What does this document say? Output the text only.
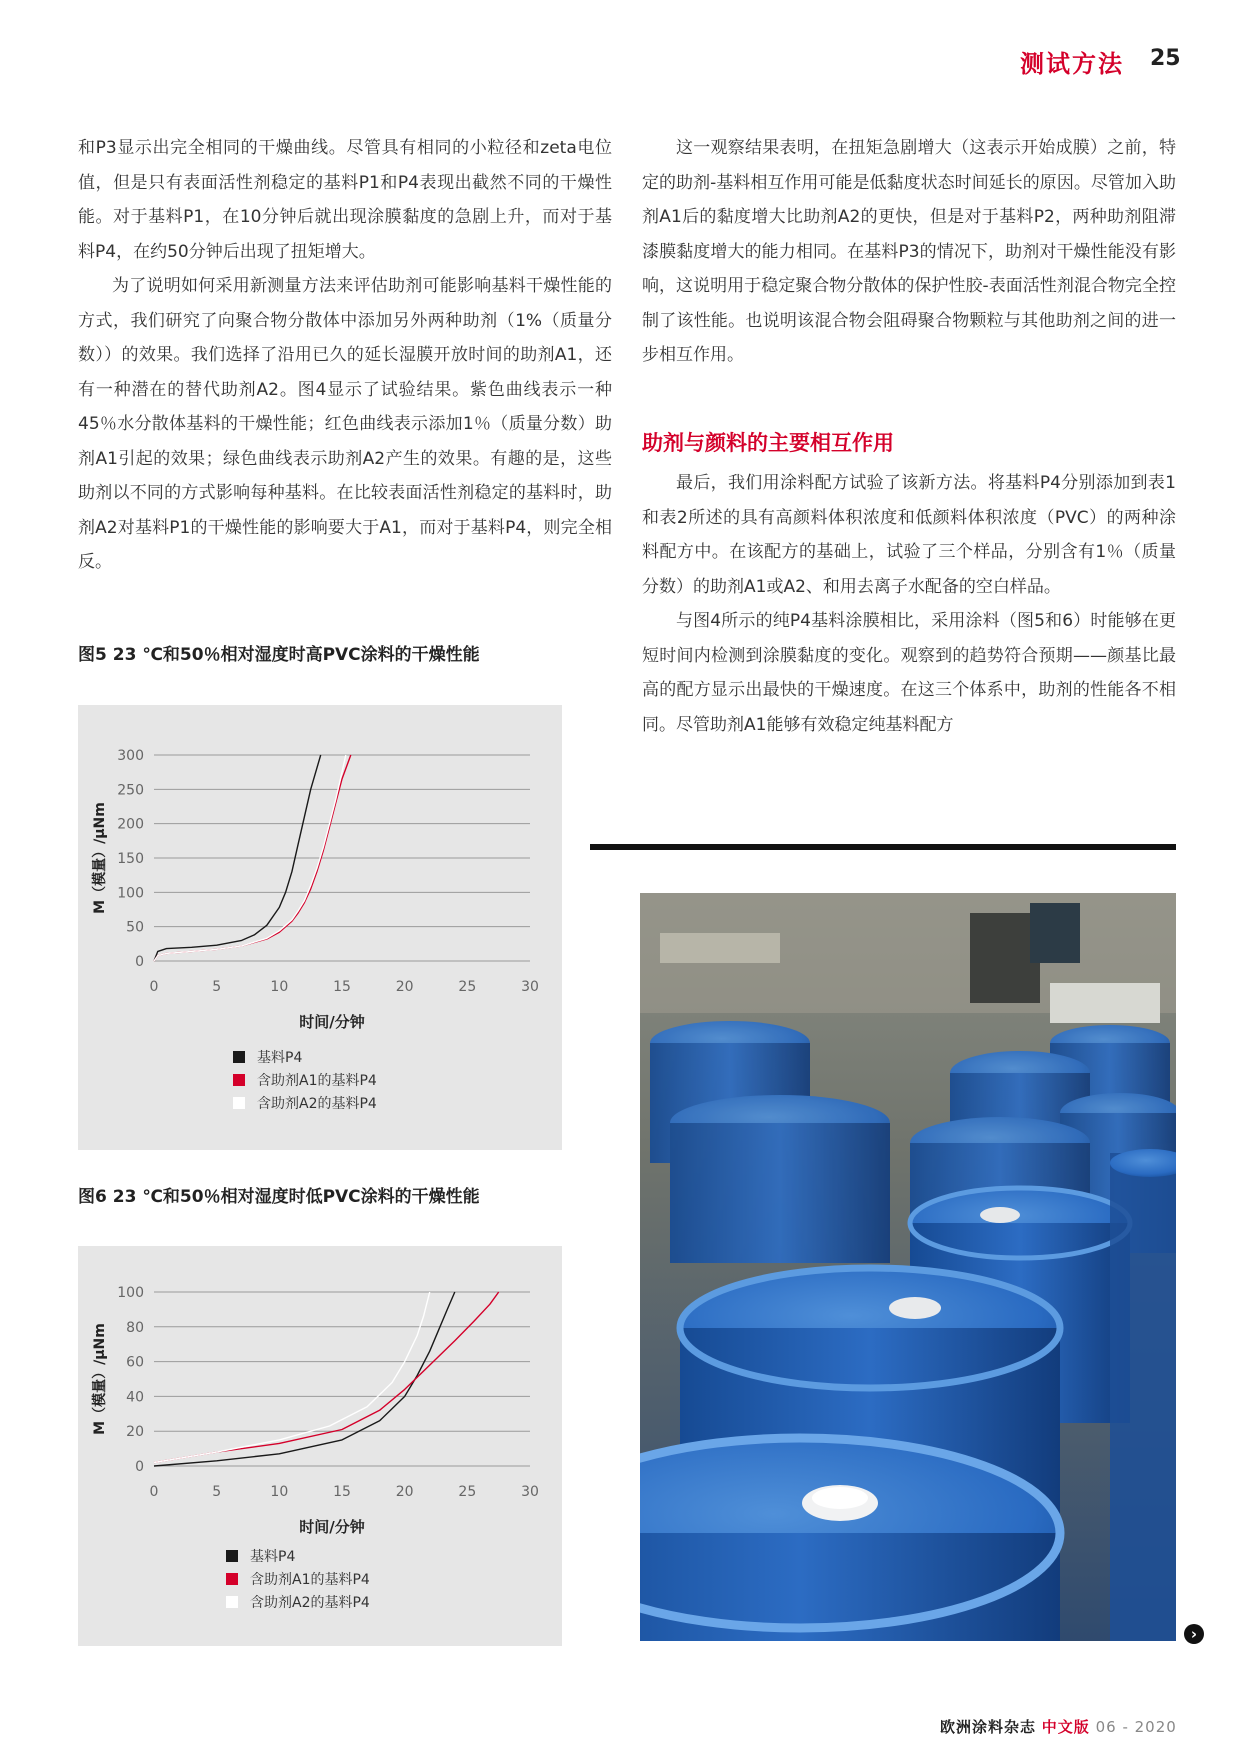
测试方法 25

和P3显示出完全相同的干燥曲线。尽管具有相同的小粒径和zeta电位值，但是只有表面活性剂稳定的基料P1和P4表现出截然不同的干燥性能。对于基料P1，在10分钟后就出现涂膜黏度的急剧上升，而对于基料P4，在约50分钟后出现了扭矩增大。

为了说明如何采用新测量方法来评估助剂可能影响基料干燥性能的方式，我们研究了向聚合物分散体中添加另外两种助剂（1%（质量分数））的效果。我们选择了沿用已久的延长湿膜开放时间的助剂A1，还有一种潜在的替代助剂A2。图4显示了试验结果。紫色曲线表示一种45％水分散体基料的干燥性能；红色曲线表示添加1％（质量分数）助剂A1引起的效果；绿色曲线表示助剂A2产生的效果。有趣的是，这些助剂以不同的方式影响每种基料。在比较表面活性剂稳定的基料时，助剂A2对基料P1的干燥性能的影响要大于A1，而对于基料P4，则完全相反。

这一观察结果表明，在扭矩急剧增大（这表示开始成膜）之前，特定的助剂-基料相互作用可能是低黏度状态时间延长的原因。尽管加入助剂A1后的黏度增大比助剂A2的更快，但是对于基料P2，两种助剂阻滞漆膜黏度增大的能力相同。在基料P3的情况下，助剂对干燥性能没有影响，这说明用于稳定聚合物分散体的保护性胶-表面活性剂混合物完全控制了该性能。也说明该混合物会阻碍聚合物颗粒与其他助剂之间的进一步相互作用。

助剂与颜料的主要相互作用

最后，我们用涂料配方试验了该新方法。将基料P4分别添加到表1和表2所述的具有高颜料体积浓度和低颜料体积浓度（PVC）的两种涂料配方中。在该配方的基础上，试验了三个样品，分别含有1％（质量分数）的助剂A1或A2、和用去离子水配备的空白样品。

与图4所示的纯P4基料涂膜相比，采用涂料（图5和6）时能够在更短时间内检测到涂膜黏度的变化。观察到的趋势符合预期——颜基比最高的配方显示出最快的干燥速度。在这三个体系中，助剂的性能各不相同。尽管助剂A1能够有效稳定纯基料配方

图5 23 ℃和50％相对湿度时高PVC涂料的干燥性能
0
50
100
150
200
250
300
0	5	10	15	20	25	30
时间/分钟
M（模量）/μNm
基料P4
含助剂A1的基料P4
含助剂A2的基料P4
图6 23 ℃和50％相对湿度时低PVC涂料的干燥性能
0
20
40
60
80
100
0	5	10	15	20	25	30
时间/分钟
M（模量）/μNm
基料P4
含助剂A1的基料P4
含助剂A2的基料P4
›
欧洲涂料杂志 中文版 06 - 2020
